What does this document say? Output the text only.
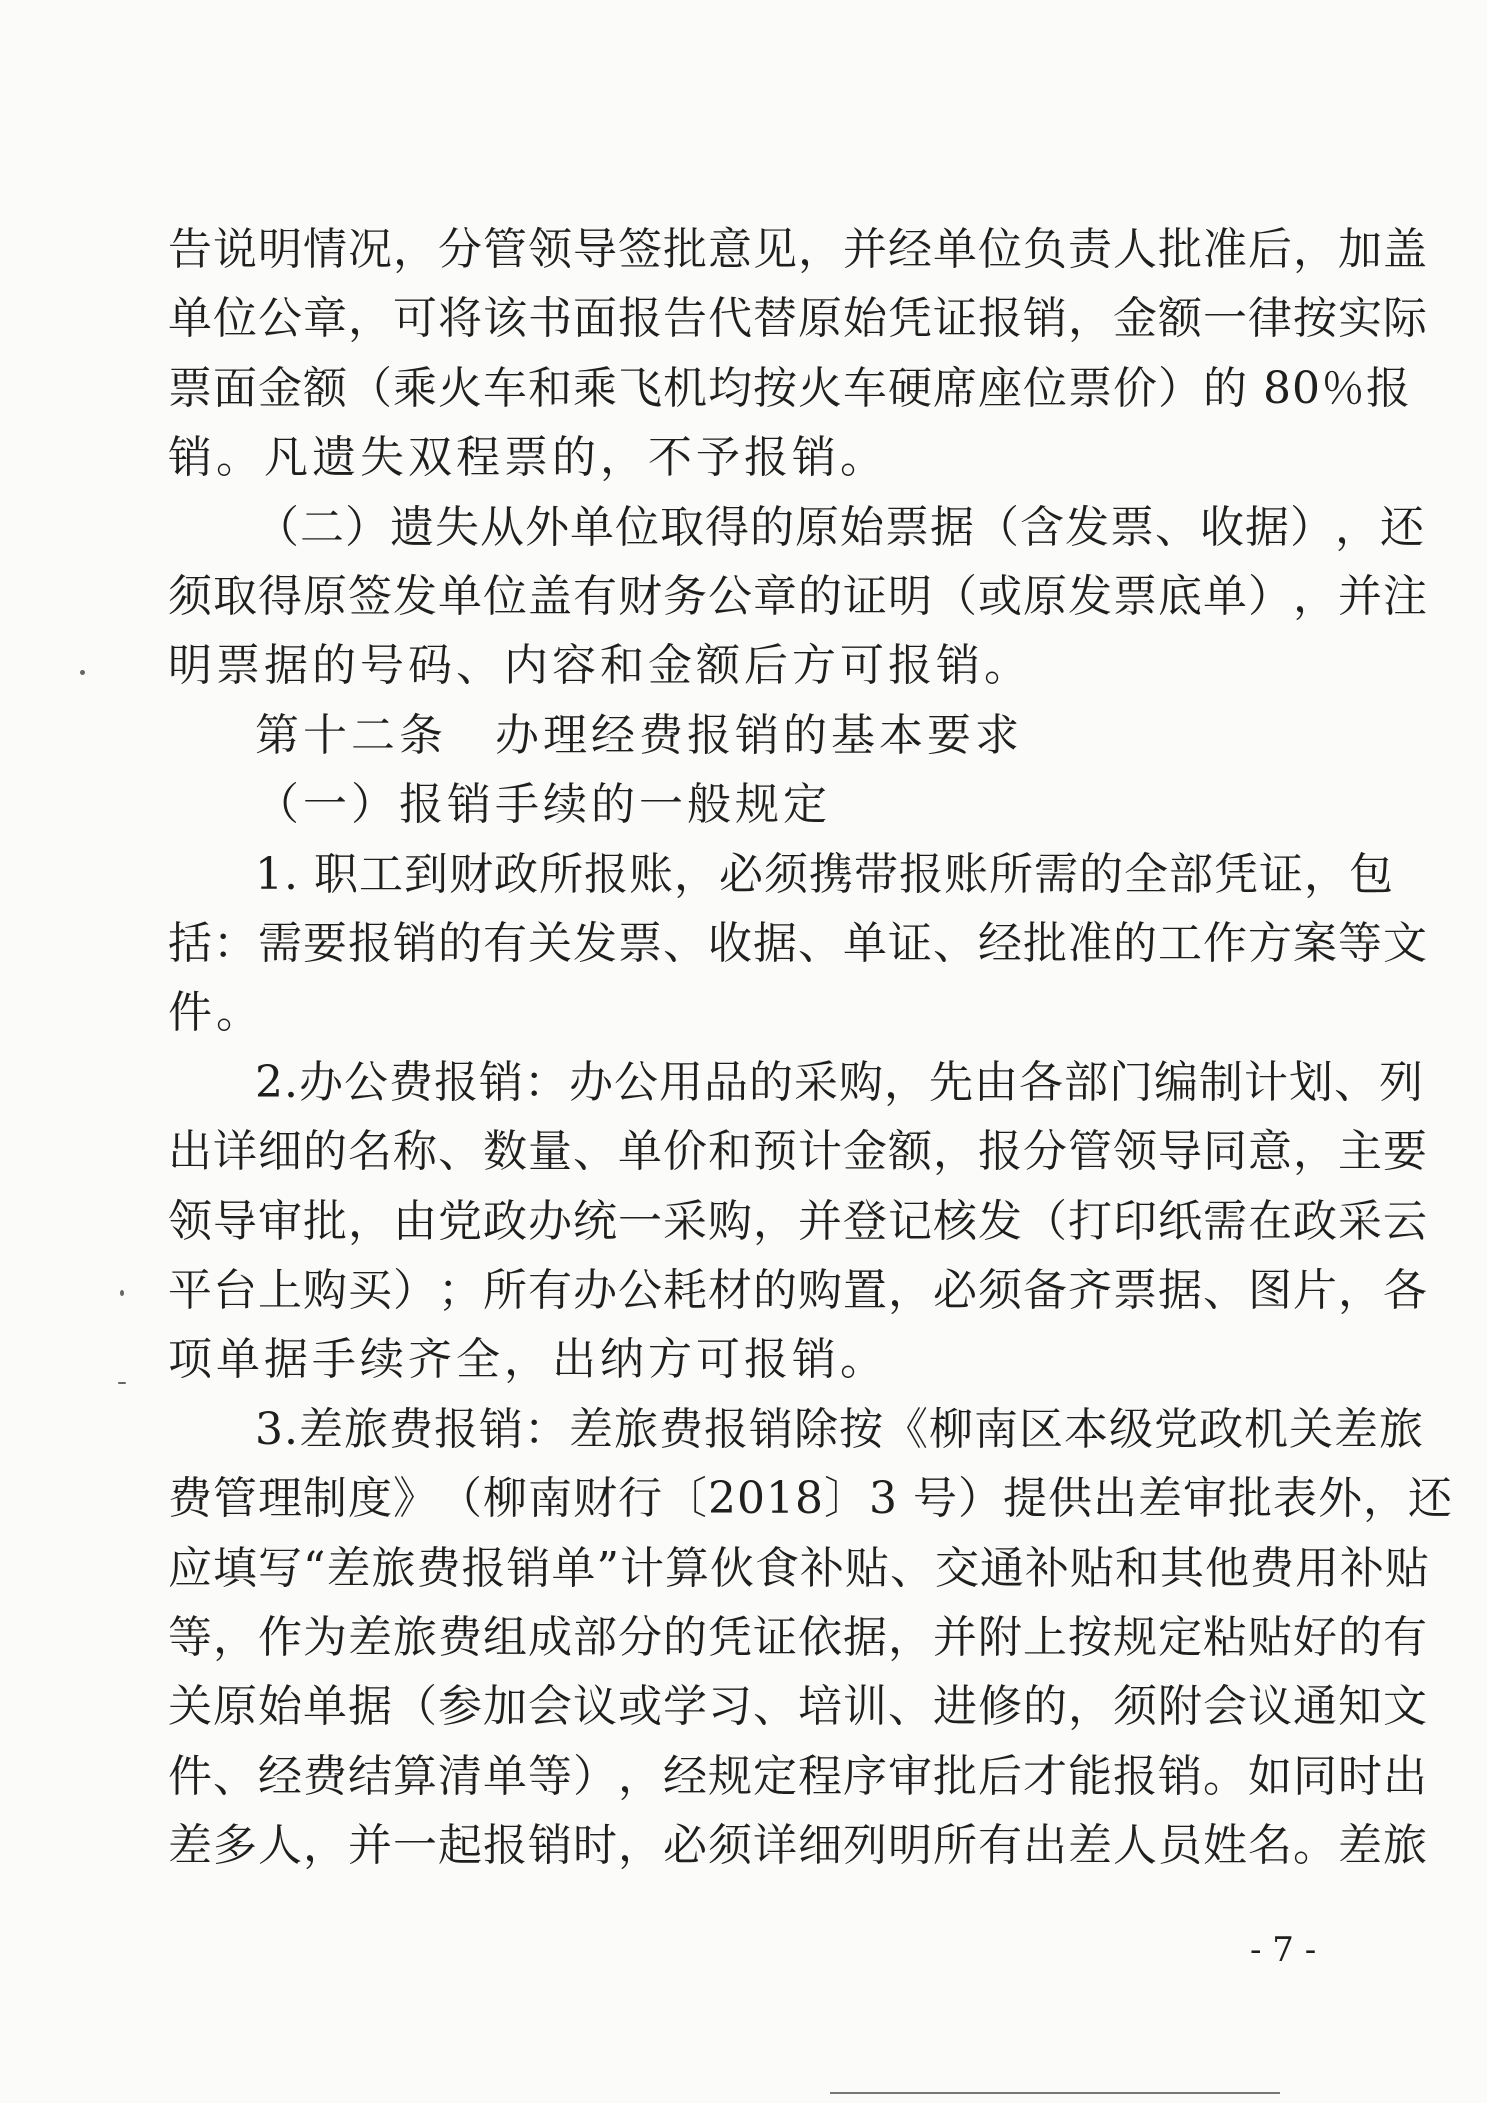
告 说 明 情 况 ， 分 管 领 导 签 批 意 见 ， 并 经 单 位 负 责 人 批 准 后 ， 加 盖
单 位 公 章 ， 可 将 该 书 面 报 告 代 替 原 始 凭 证 报 销 ， 金 额 一 律 按 实 际
票 面 金 额 （ 乘 火 车 和 乘 飞 机 均 按 火 车 硬 席 座 位 票 价 ） 的
8 0 ％ 报
销。凡遗失双程票的，不予报销。
（ 二 ） 遗 失 从 外 单 位 取 得 的 原 始 票 据 （ 含 发 票 、 收 据 ） ， 还
须 取 得 原 签 发 单 位 盖 有 财 务 公 章 的 证 明 （ 或 原 发 票 底 单 ） ， 并 注
明票据的号码、内容和金额后方可报销。
第十二条　办理经费报销的基本要求
（一）报销手续的一般规定
1 .
职 工 到 财 政 所 报 账 ， 必 须 携 带 报 账 所 需 的 全 部 凭 证 ， 包
括 ： 需 要 报 销 的 有 关 发 票 、 收 据 、 单 证 、 经 批 准 的 工 作 方 案 等 文
件。
2 . 办 公 费 报 销 ： 办 公 用 品 的 采 购 ， 先 由 各 部 门 编 制 计 划 、 列
出 详 细 的 名 称 、 数 量 、 单 价 和 预 计 金 额 ， 报 分 管 领 导 同 意 ， 主 要
领 导 审 批 ， 由 党 政 办 统 一 采 购 ， 并 登 记 核 发 （ 打 印 纸 需 在 政 采 云
平 台 上 购 买 ） ； 所 有 办 公 耗 材 的 购 置 ， 必 须 备 齐 票 据 、 图 片 ， 各
项单据手续齐全，出纳方可报销。
3 . 差 旅 费 报 销 ： 差 旅 费 报 销 除 按 《 柳 南 区 本 级 党 政 机 关 差 旅
费 管 理 制 度 》 （ 柳 南 财 行 〔 2 0 1 8 〕 3
号 ） 提 供 出 差 审 批 表 外 ， 还
应 填 写 “ 差 旅 费 报 销 单 ” 计 算 伙 食 补 贴 、 交 通 补 贴 和 其 他 费 用 补 贴
等 ， 作 为 差 旅 费 组 成 部 分 的 凭 证 依 据 ， 并 附 上 按 规 定 粘 贴 好 的 有
关 原 始 单 据 （ 参 加 会 议 或 学 习 、 培 训 、 进 修 的 ， 须 附 会 议 通 知 文
件 、 经 费 结 算 清 单 等 ） ， 经 规 定 程 序 审 批 后 才 能 报 销 。 如 同 时 出
差 多 人 ， 并 一 起 报 销 时 ， 必 须 详 细 列 明 所 有 出 差 人 员 姓 名 。 差 旅
- 7 -
